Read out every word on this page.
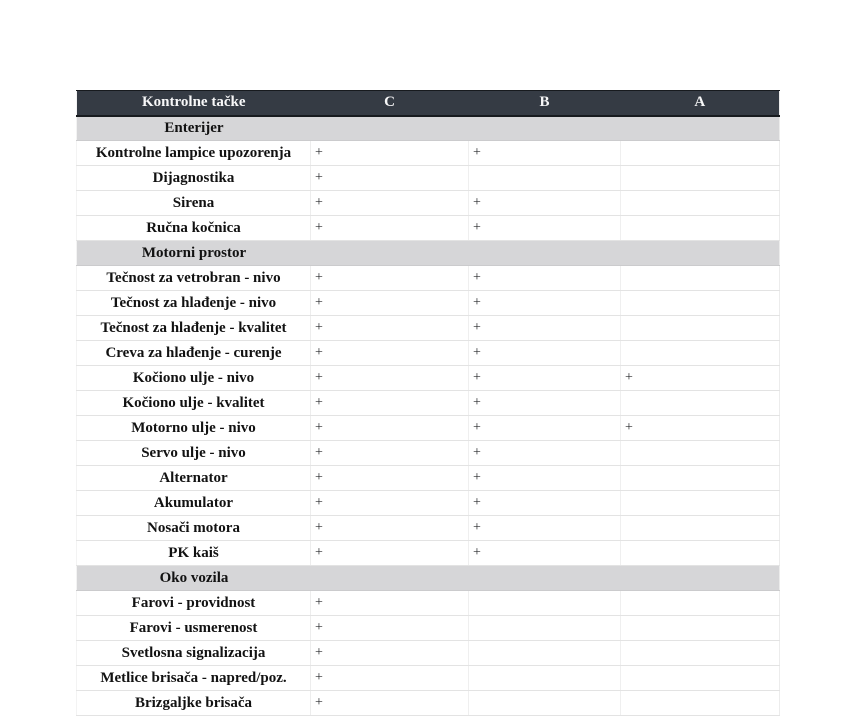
Kontrolne tačke	C	B	A

Enterijer			

Kontrolne lampice upozorenja	+	+	
Dijagnostika	+		
Sirena	+	+	
Ručna kočnica	+	+	

Motorni prostor			

Tečnost za vetrobran - nivo	+	+	
Tečnost za hlađenje - nivo	+	+	
Tečnost za hlađenje - kvalitet	+	+	
Creva za hlađenje - curenje	+	+	
Kočiono ulje - nivo	+	+	+
Kočiono ulje - kvalitet	+	+	
Motorno ulje - nivo	+	+	+
Servo ulje - nivo	+	+	
Alternator	+	+	
Akumulator	+	+	
Nosači motora	+	+	
PK kaiš	+	+	

Oko vozila			

Farovi - providnost	+		
Farovi - usmerenost	+		
Svetlosna signalizacija	+		
Metlice brisača - napred/poz.	+		
Brizgaljke brisača	+		
